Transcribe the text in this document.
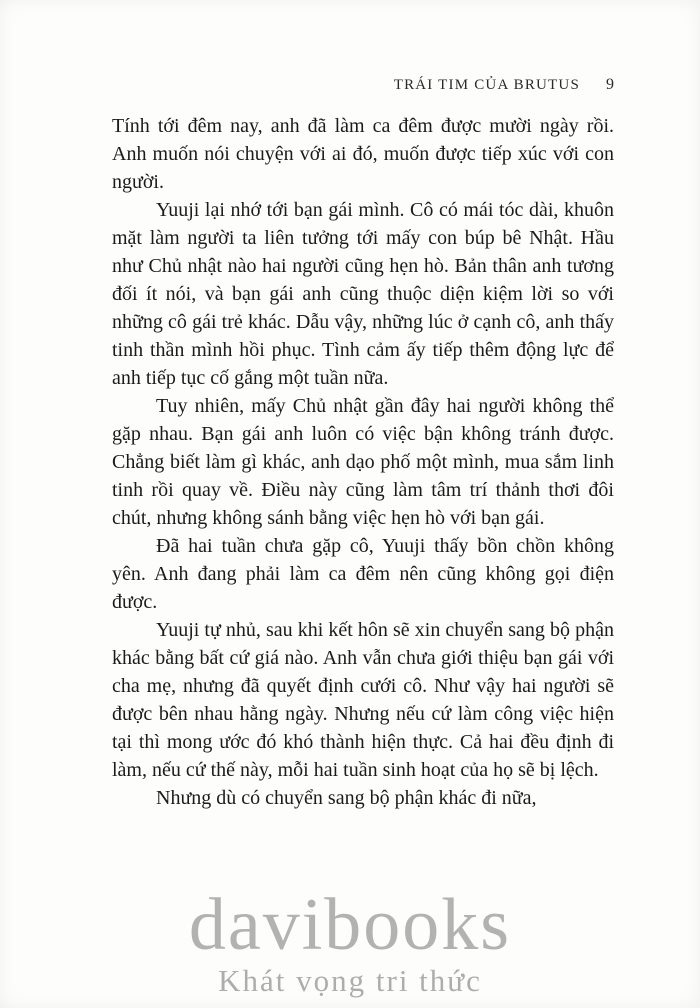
TRÁI TIM CỦA BRUTUS 9

Tính tới đêm nay, anh đã làm ca đêm được mười ngày rồi. Anh muốn nói chuyện với ai đó, muốn được tiếp xúc với con người.

Yuuji lại nhớ tới bạn gái mình. Cô có mái tóc dài, khuôn mặt làm người ta liên tưởng tới mấy con búp bê Nhật. Hầu như Chủ nhật nào hai người cũng hẹn hò. Bản thân anh tương đối ít nói, và bạn gái anh cũng thuộc diện kiệm lời so với những cô gái trẻ khác. Dẫu vậy, những lúc ở cạnh cô, anh thấy tinh thần mình hồi phục. Tình cảm ấy tiếp thêm động lực để anh tiếp tục cố gắng một tuần nữa.

Tuy nhiên, mấy Chủ nhật gần đây hai người không thể gặp nhau. Bạn gái anh luôn có việc bận không tránh được. Chẳng biết làm gì khác, anh dạo phố một mình, mua sắm linh tinh rồi quay về. Điều này cũng làm tâm trí thảnh thơi đôi chút, nhưng không sánh bằng việc hẹn hò với bạn gái.

Đã hai tuần chưa gặp cô, Yuuji thấy bồn chồn không yên. Anh đang phải làm ca đêm nên cũng không gọi điện được.

Yuuji tự nhủ, sau khi kết hôn sẽ xin chuyển sang bộ phận khác bằng bất cứ giá nào. Anh vẫn chưa giới thiệu bạn gái với cha mẹ, nhưng đã quyết định cưới cô. Như vậy hai người sẽ được bên nhau hằng ngày. Nhưng nếu cứ làm công việc hiện tại thì mong ước đó khó thành hiện thực. Cả hai đều định đi làm, nếu cứ thế này, mỗi hai tuần sinh hoạt của họ sẽ bị lệch.

Nhưng dù có chuyển sang bộ phận khác đi nữa,

davibooks
Khát vọng tri thức
